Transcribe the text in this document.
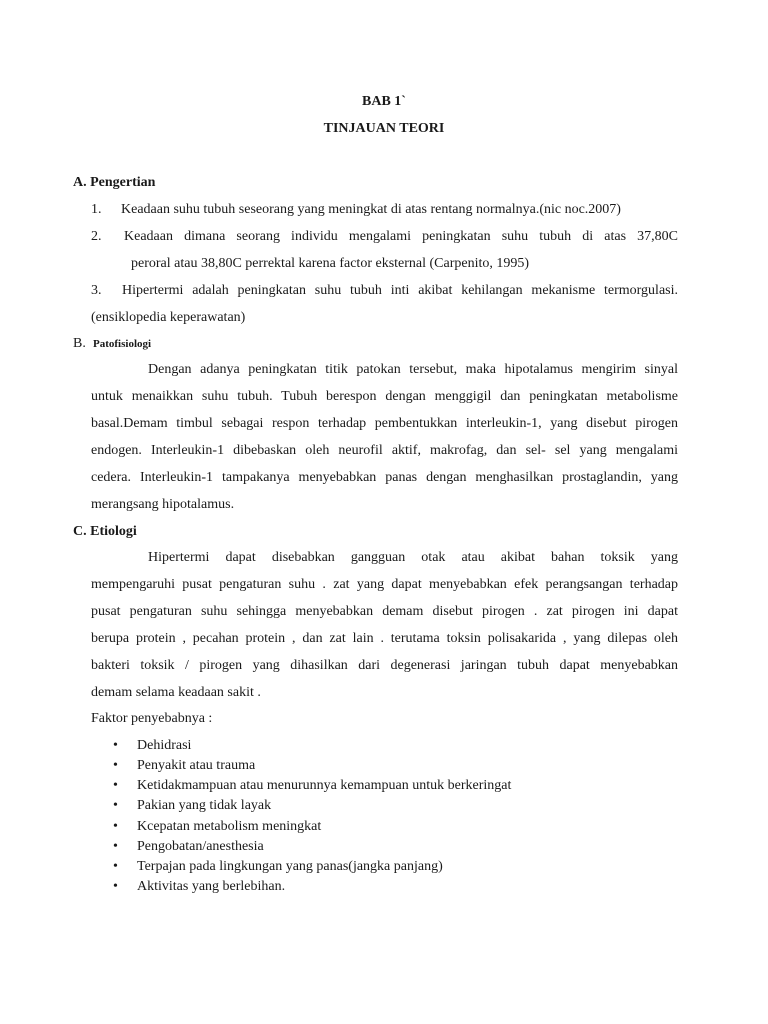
BAB 1`
TINJAUAN TEORI
A. Pengertian
1. Keadaan suhu tubuh seseorang yang meningkat di atas rentang normalnya.(nic noc.2007)
2. Keadaan dimana seorang individu mengalami peningkatan suhu tubuh di atas 37,80C
peroral atau 38,80C perrektal karena factor eksternal (Carpenito, 1995)
3. Hipertermi adalah peningkatan suhu tubuh inti akibat kehilangan mekanisme termorgulasi.
(ensiklopedia keperawatan)
B. Patofisiologi
Dengan adanya peningkatan titik patokan tersebut, maka hipotalamus mengirim sinyal
untuk menaikkan suhu tubuh. Tubuh berespon dengan menggigil dan peningkatan metabolisme
basal.Demam timbul sebagai respon terhadap pembentukkan interleukin-1, yang disebut pirogen
endogen. Interleukin-1 dibebaskan oleh neurofil aktif, makrofag, dan sel- sel yang mengalami
cedera. Interleukin-1 tampakanya menyebabkan panas dengan menghasilkan prostaglandin, yang
merangsang hipotalamus.
C. Etiologi
Hipertermi dapat disebabkan gangguan otak atau akibat bahan toksik yang
mempengaruhi pusat pengaturan suhu . zat yang dapat menyebabkan efek perangsangan terhadap
pusat pengaturan suhu sehingga menyebabkan demam disebut pirogen . zat pirogen ini dapat
berupa protein , pecahan protein , dan zat lain . terutama toksin polisakarida , yang dilepas oleh
bakteri toksik / pirogen yang dihasilkan dari degenerasi jaringan tubuh dapat menyebabkan
demam selama keadaan sakit .
Faktor penyebabnya :
• Dehidrasi
• Penyakit atau trauma
• Ketidakmampuan atau menurunnya kemampuan untuk berkeringat
• Pakian yang tidak layak
• Kcepatan metabolism meningkat
• Pengobatan/anesthesia
• Terpajan pada lingkungan yang panas(jangka panjang)
• Aktivitas yang berlebihan.
